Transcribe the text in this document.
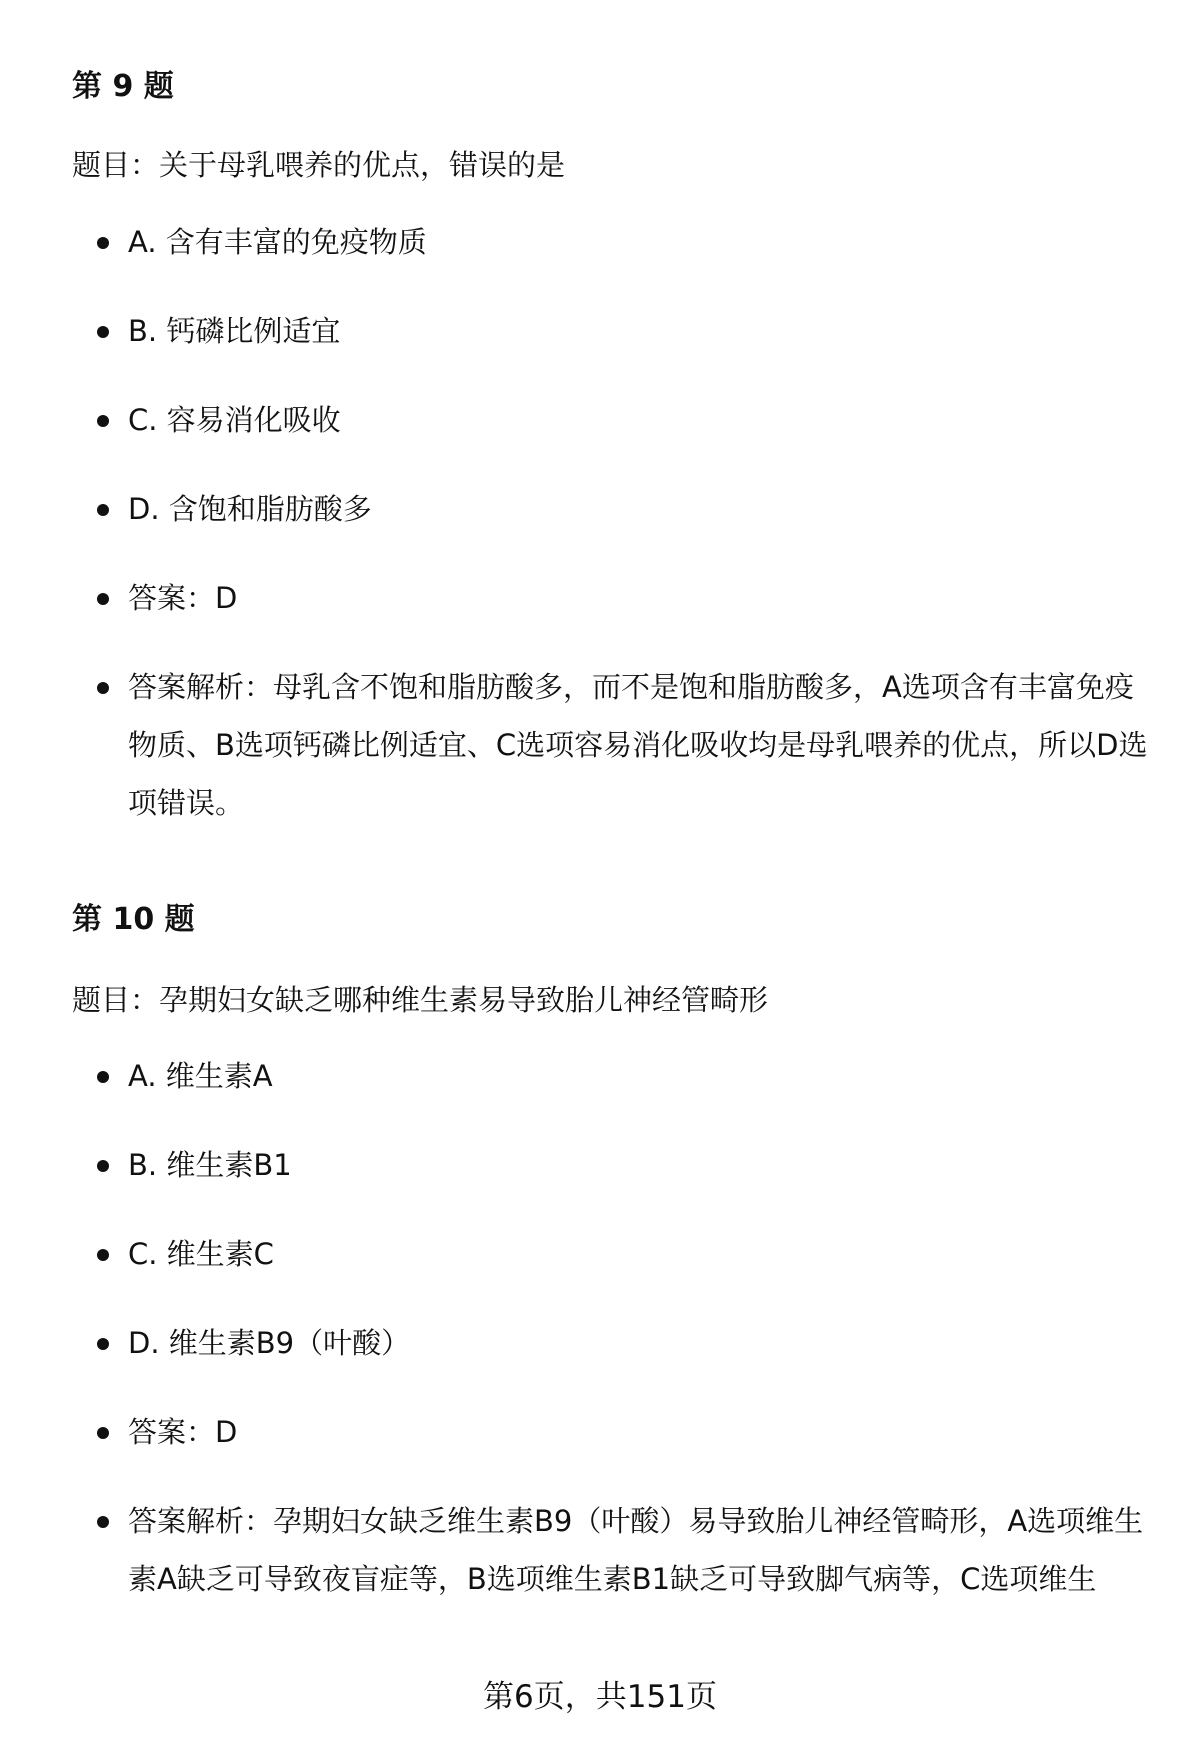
第 9 题

题目：关于母乳喂养的优点，错误的是

A. 含有丰富的免疫物质
B. 钙磷比例适宜
C. 容易消化吸收
D. 含饱和脂肪酸多
答案：D
答案解析：母乳含不饱和脂肪酸多，而不是饱和脂肪酸多，A选项含有丰富免疫物质、B选项钙磷比例适宜、C选项容易消化吸收均是母乳喂养的优点，所以D选项错误。
第 10 题

题目：孕期妇女缺乏哪种维生素易导致胎儿神经管畸形

A. 维生素A
B. 维生素B1
C. 维生素C
D. 维生素B9（叶酸）
答案：D
答案解析：孕期妇女缺乏维生素B9（叶酸）易导致胎儿神经管畸形，A选项维生素A缺乏可导致夜盲症等，B选项维生素B1缺乏可导致脚气病等，C选项维生
第6页，共151页
